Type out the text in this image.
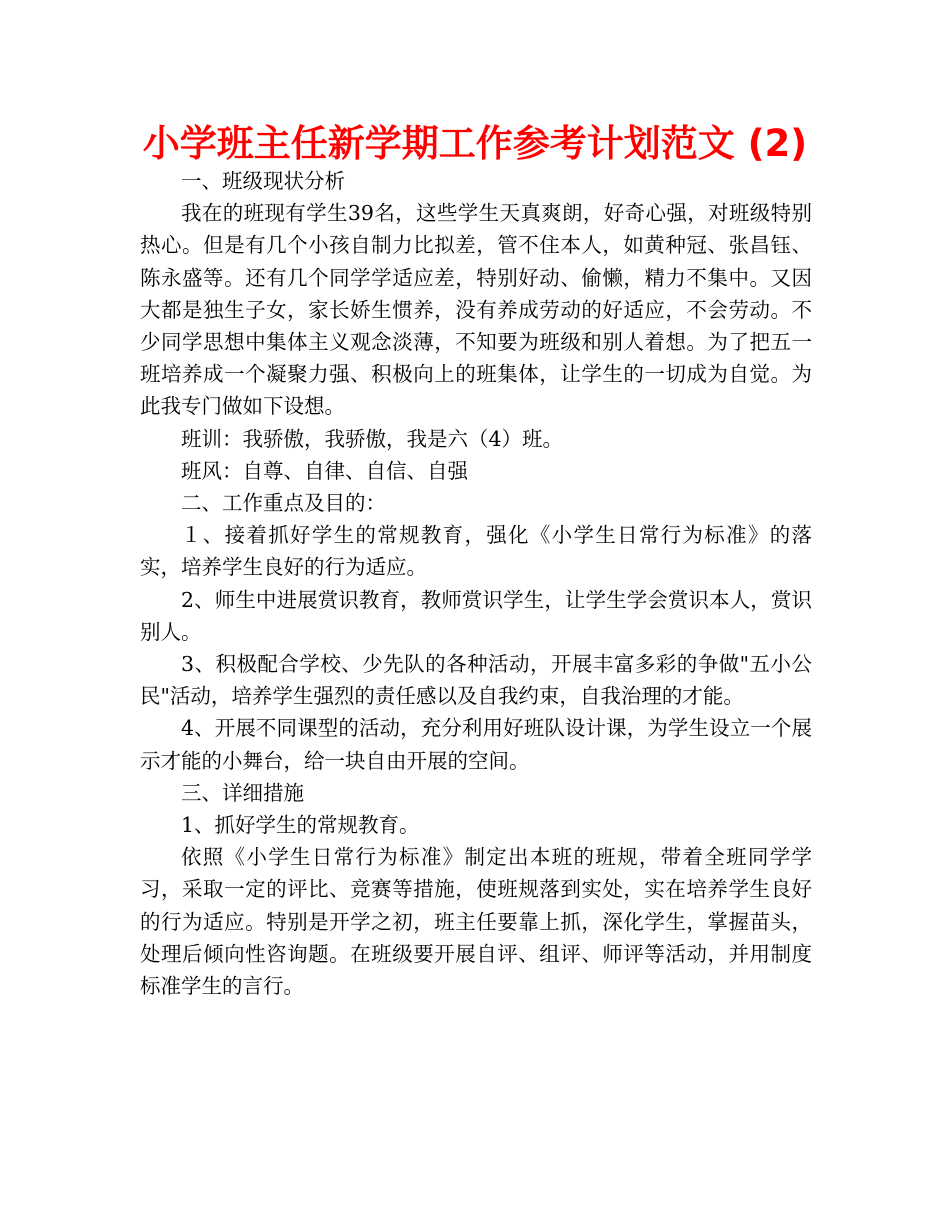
小学班主任新学期工作参考计划范文 (2)

一、班级现状分析

我在的班现有学生39名，这些学生天真爽朗，好奇心强，对班级特别热心。但是有几个小孩自制力比拟差，管不住本人，如黄种冠、张昌钰、陈永盛等。还有几个同学学适应差，特别好动、偷懒，精力不集中。又因大都是独生子女，家长娇生惯养，没有养成劳动的好适应，不会劳动。不少同学思想中集体主义观念淡薄，不知要为班级和别人着想。为了把五一班培养成一个凝聚力强、积极向上的班集体，让学生的一切成为自觉。为此我专门做如下设想。

班训：我骄傲，我骄傲，我是六（4）班。

班风：自尊、自律、自信、自强

二、工作重点及目的：

１、接着抓好学生的常规教育，强化《小学生日常行为标准》的落实，培养学生良好的行为适应。

2、师生中进展赏识教育，教师赏识学生，让学生学会赏识本人，赏识别人。

3、积极配合学校、少先队的各种活动，开展丰富多彩的争做"五小公民"活动，培养学生强烈的责任感以及自我约束，自我治理的才能。

4、开展不同课型的活动，充分利用好班队设计课，为学生设立一个展示才能的小舞台，给一块自由开展的空间。

三、详细措施

1、抓好学生的常规教育。

依照《小学生日常行为标准》制定出本班的班规，带着全班同学学习，采取一定的评比、竞赛等措施，使班规落到实处，实在培养学生良好的行为适应。特别是开学之初，班主任要靠上抓，深化学生，掌握苗头，处理后倾向性咨询题。在班级要开展自评、组评、师评等活动，并用制度标准学生的言行。
